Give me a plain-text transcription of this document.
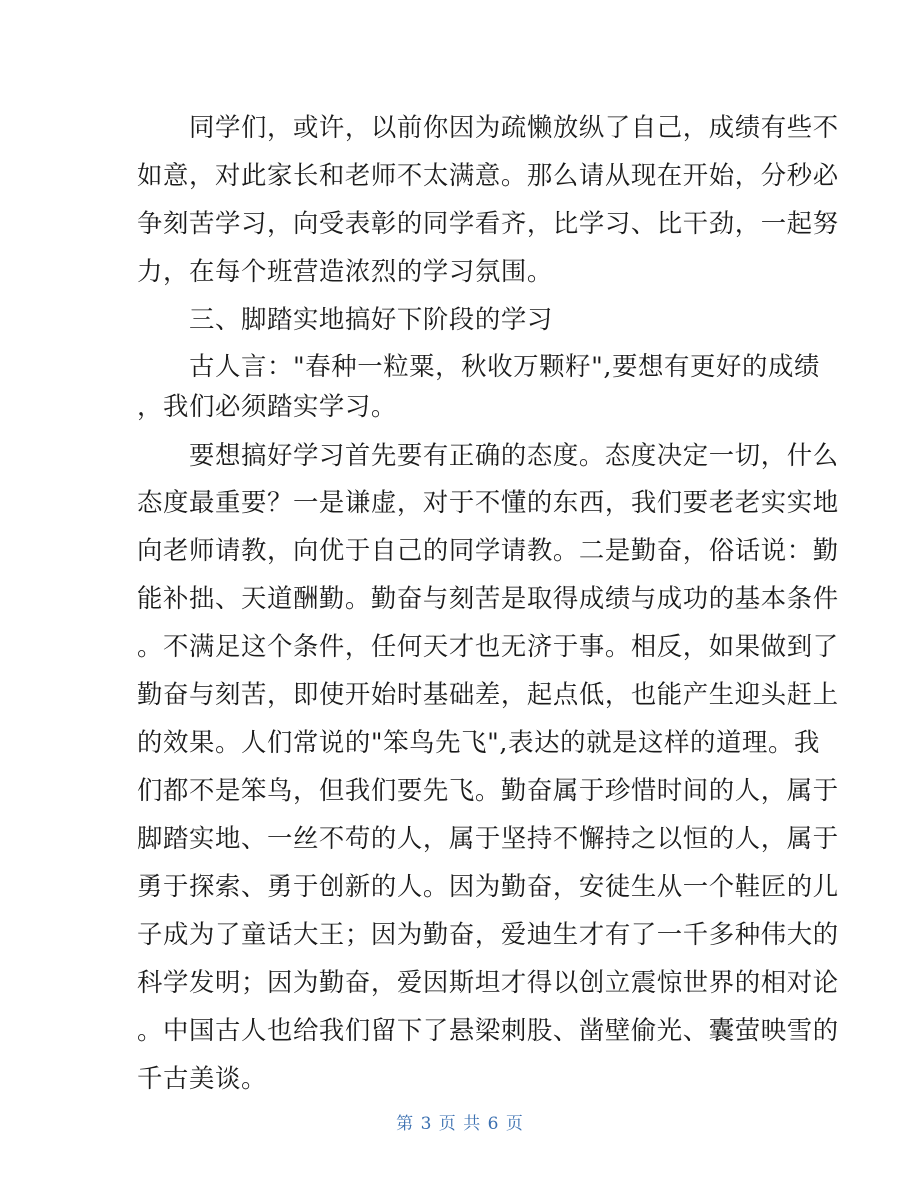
　　同学们，或许，以前你因为疏懒放纵了自己，成绩有些不
如意，对此家长和老师不太满意。那么请从现在开始，分秒必
争刻苦学习，向受表彰的同学看齐，比学习、比干劲，一起努
力，在每个班营造浓烈的学习氛围。
　　三、脚踏实地搞好下阶段的学习
　　古人言："春种一粒粟，秋收万颗籽",要想有更好的成绩
，我们必须踏实学习。
　　要想搞好学习首先要有正确的态度。态度决定一切，什么
态度最重要？一是谦虚，对于不懂的东西，我们要老老实实地
向老师请教，向优于自己的同学请教。二是勤奋，俗话说：勤
能补拙、天道酬勤。勤奋与刻苦是取得成绩与成功的基本条件
。不满足这个条件，任何天才也无济于事。相反，如果做到了
勤奋与刻苦，即使开始时基础差，起点低，也能产生迎头赶上
的效果。人们常说的"笨鸟先飞",表达的就是这样的道理。我
们都不是笨鸟，但我们要先飞。勤奋属于珍惜时间的人，属于
脚踏实地、一丝不苟的人，属于坚持不懈持之以恒的人，属于
勇于探索、勇于创新的人。因为勤奋，安徒生从一个鞋匠的儿
子成为了童话大王；因为勤奋，爱迪生才有了一千多种伟大的
科学发明；因为勤奋，爱因斯坦才得以创立震惊世界的相对论
。中国古人也给我们留下了悬梁刺股、凿壁偷光、囊萤映雪的
千古美谈。
第 3 页 共 6 页
